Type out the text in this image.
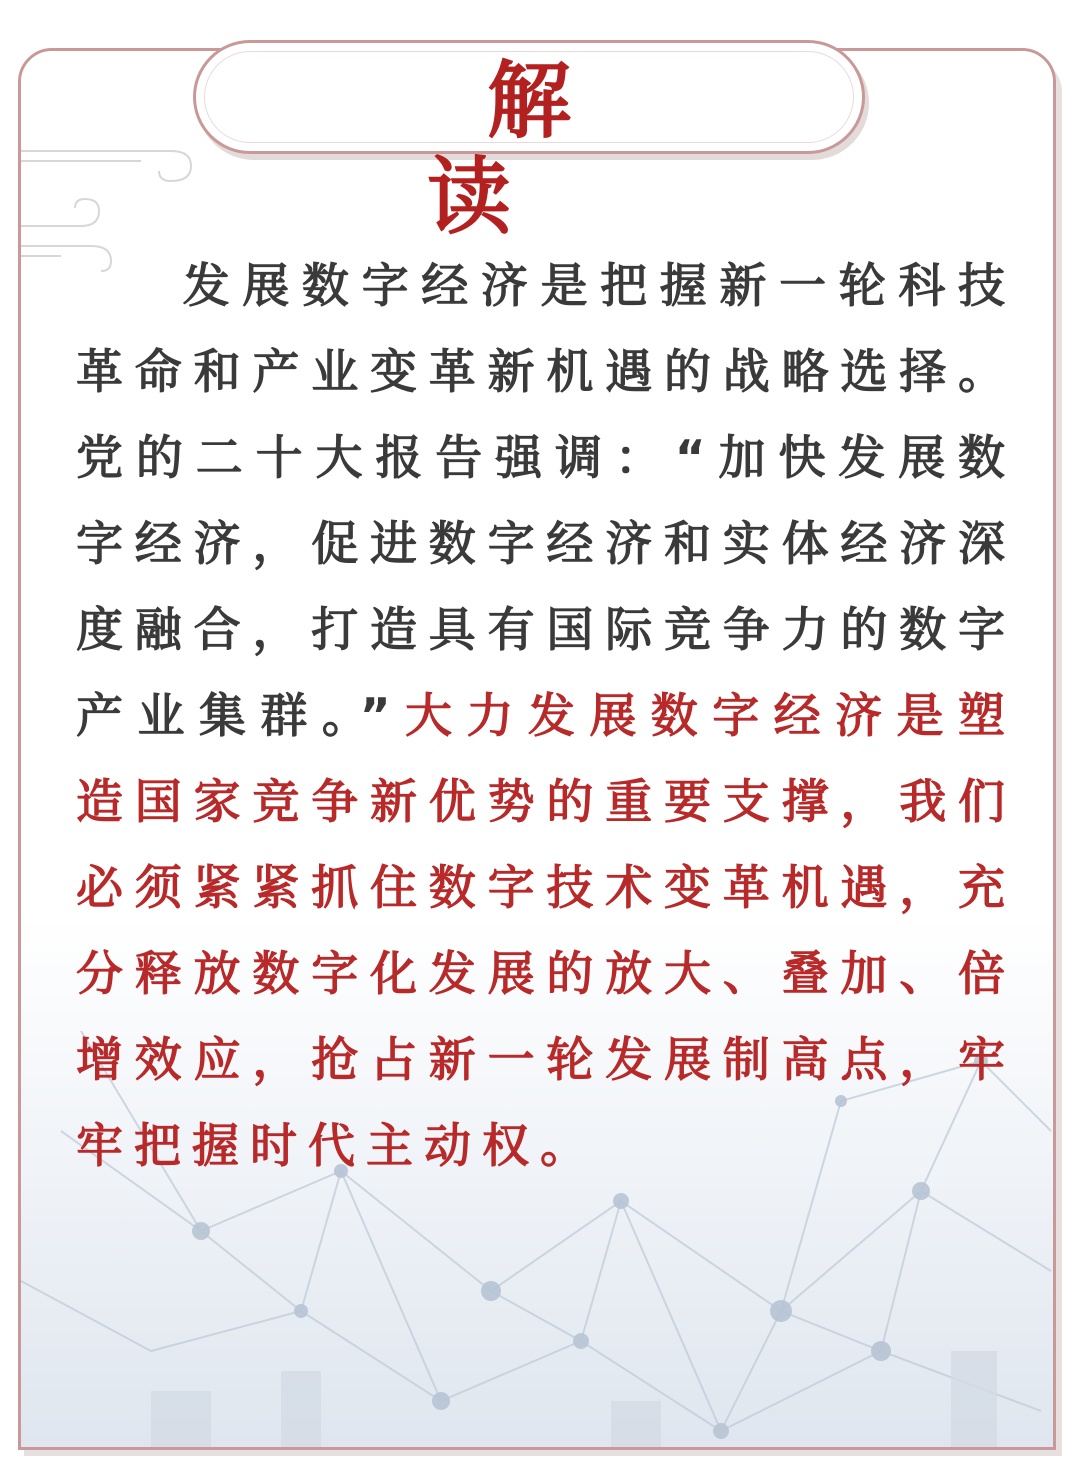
解 读

发展数字经济是把握新一轮科技革命和产业变革新机遇的战略选择。党的二十大报告强调：“加快发展数字经济，促进数字经济和实体经济深度融合，打造具有国际竞争力的数字产业集群。”大力发展数字经济是塑造国家竞争新优势的重要支撑，我们必须紧紧抓住数字技术变革机遇，充分释放数字化发展的放大、叠加、倍增效应，抢占新一轮发展制高点，牢牢把握时代主动权。
